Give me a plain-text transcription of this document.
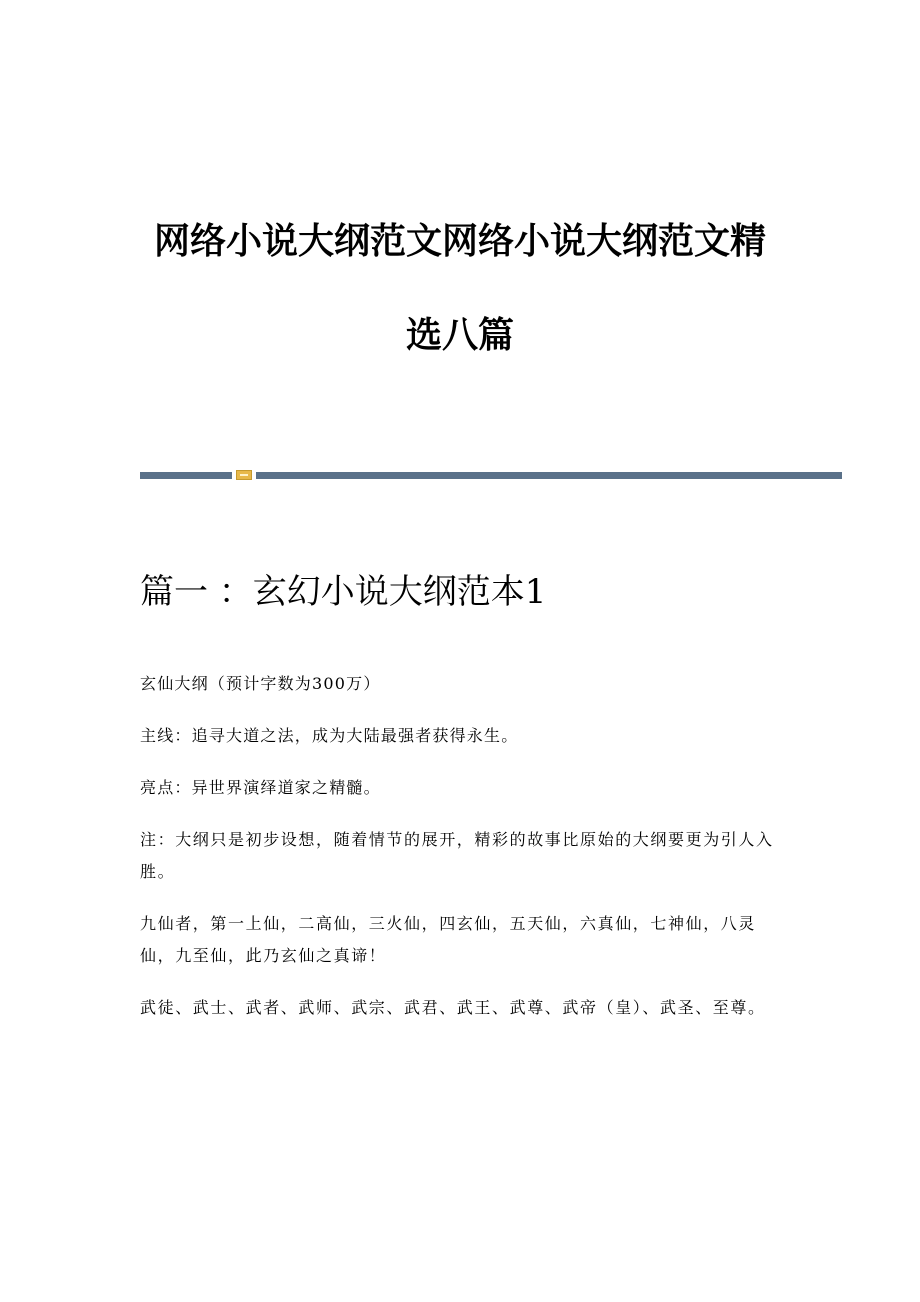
网络小说大纲范文网络小说大纲范文精
选八篇
篇一 ：玄幻小说大纲范本1

玄仙大纲（预计字数为300万）

主线：追寻大道之法，成为大陆最强者获得永生。

亮点：异世界演绎道家之精髓。

注：大纲只是初步设想，随着情节的展开，精彩的故事比原始的大纲要更为引人入胜。

九仙者，第一上仙，二高仙，三火仙，四玄仙，五天仙，六真仙，七神仙，八灵仙，九至仙，此乃玄仙之真谛！

武徒、武士、武者、武师、武宗、武君、武王、武尊、武帝（皇）、武圣、至尊。
